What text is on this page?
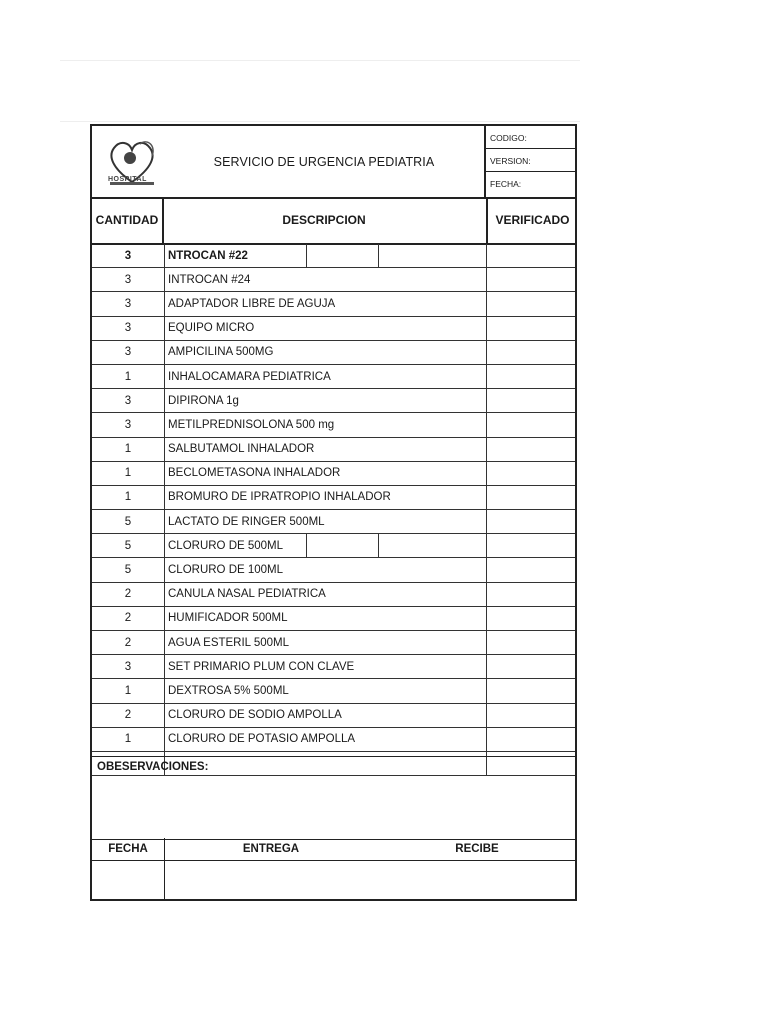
HOSPITAL
SERVICIO DE URGENCIA PEDIATRIA
CODIGO:
VERSION:
FECHA:
CANTIDAD	DESCRIPCION	VERIFICADO
3	NTROCAN #22
3	INTROCAN #24
3	ADAPTADOR LIBRE DE AGUJA
3	EQUIPO MICRO
3	AMPICILINA 500MG
1	INHALOCAMARA PEDIATRICA
3	DIPIRONA 1g
3	METILPREDNISOLONA 500 mg
1	SALBUTAMOL INHALADOR
1	BECLOMETASONA INHALADOR
1	BROMURO DE IPRATROPIO INHALADOR
5	LACTATO DE RINGER 500ML
5	CLORURO DE 500ML
5	CLORURO DE 100ML
2	CANULA NASAL PEDIATRICA
2	HUMIFICADOR 500ML
2	AGUA ESTERIL 500ML
3	SET PRIMARIO PLUM CON CLAVE
1	DEXTROSA 5% 500ML
2	CLORURO DE SODIO AMPOLLA
1	CLORURO DE POTASIO AMPOLLA
OBESERVACIONES:
FECHA	ENTREGA	RECIBE
